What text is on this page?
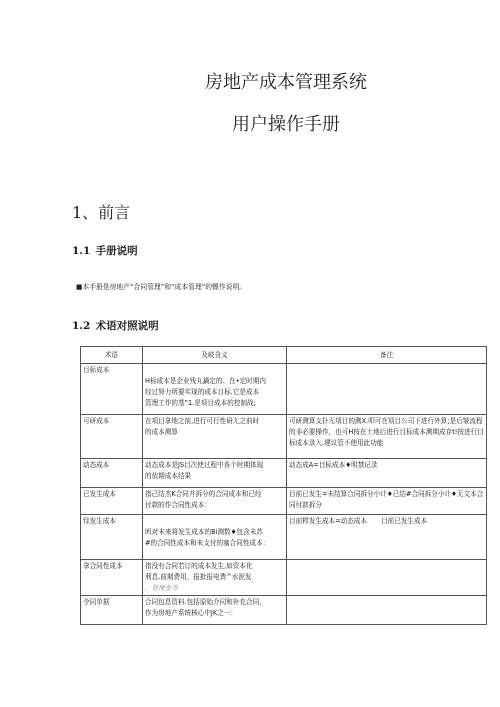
房地产成本管理系统
用户操作手册
1、前言
1.1 手册说明
■本手册是房地产“合同管理”和“成本管理”的镖作说明。
1.2 术语对照说明
术语	及岐含义	备注
目标成本	H标成本是企业残丸鍋定的、在•定时期内
经过努力所要实现的成本目标.它是成本
管理工作的基”1.是项目成本的控制战;	
可研成本	在项目拿地之前,进行可行性研尢之前时
的成本测算	可研测算支扑无项目的测X.叩可在项目公司下进行外算;是后皱流程的非必要操作，也可H按在土地后进行目标成本测期成存t!按进行目标成本录入.建议管不使用此功能
动态成本	动态成本是JS目次使过程中各个时期体现
的依期成本结果	动态成A=目标成本♦明禁记录
已发生成本	指己结杰K合同并拆分的合同成本和已经
付款的作合同性成本：	目前已发生=未结算合同拆分小计♦已结#合同拆分小计♦无文本合同付款拆分
恃发生成本	lf(对未来将发生成本的Bi测数♦包含未苏
#的合同性成本和未支付的塞合同性成本：	目前栉发生成本=动态成本 目前已发生成本
拿合同性成本	指没有合同若订的成本发生,如资本化
利息.前期费用、报批报电费^水泥发
，很便金等	
令同单据	合同包息资料.包括原始介同和补充合同，
作为房地产系统核心中JK之一：	
